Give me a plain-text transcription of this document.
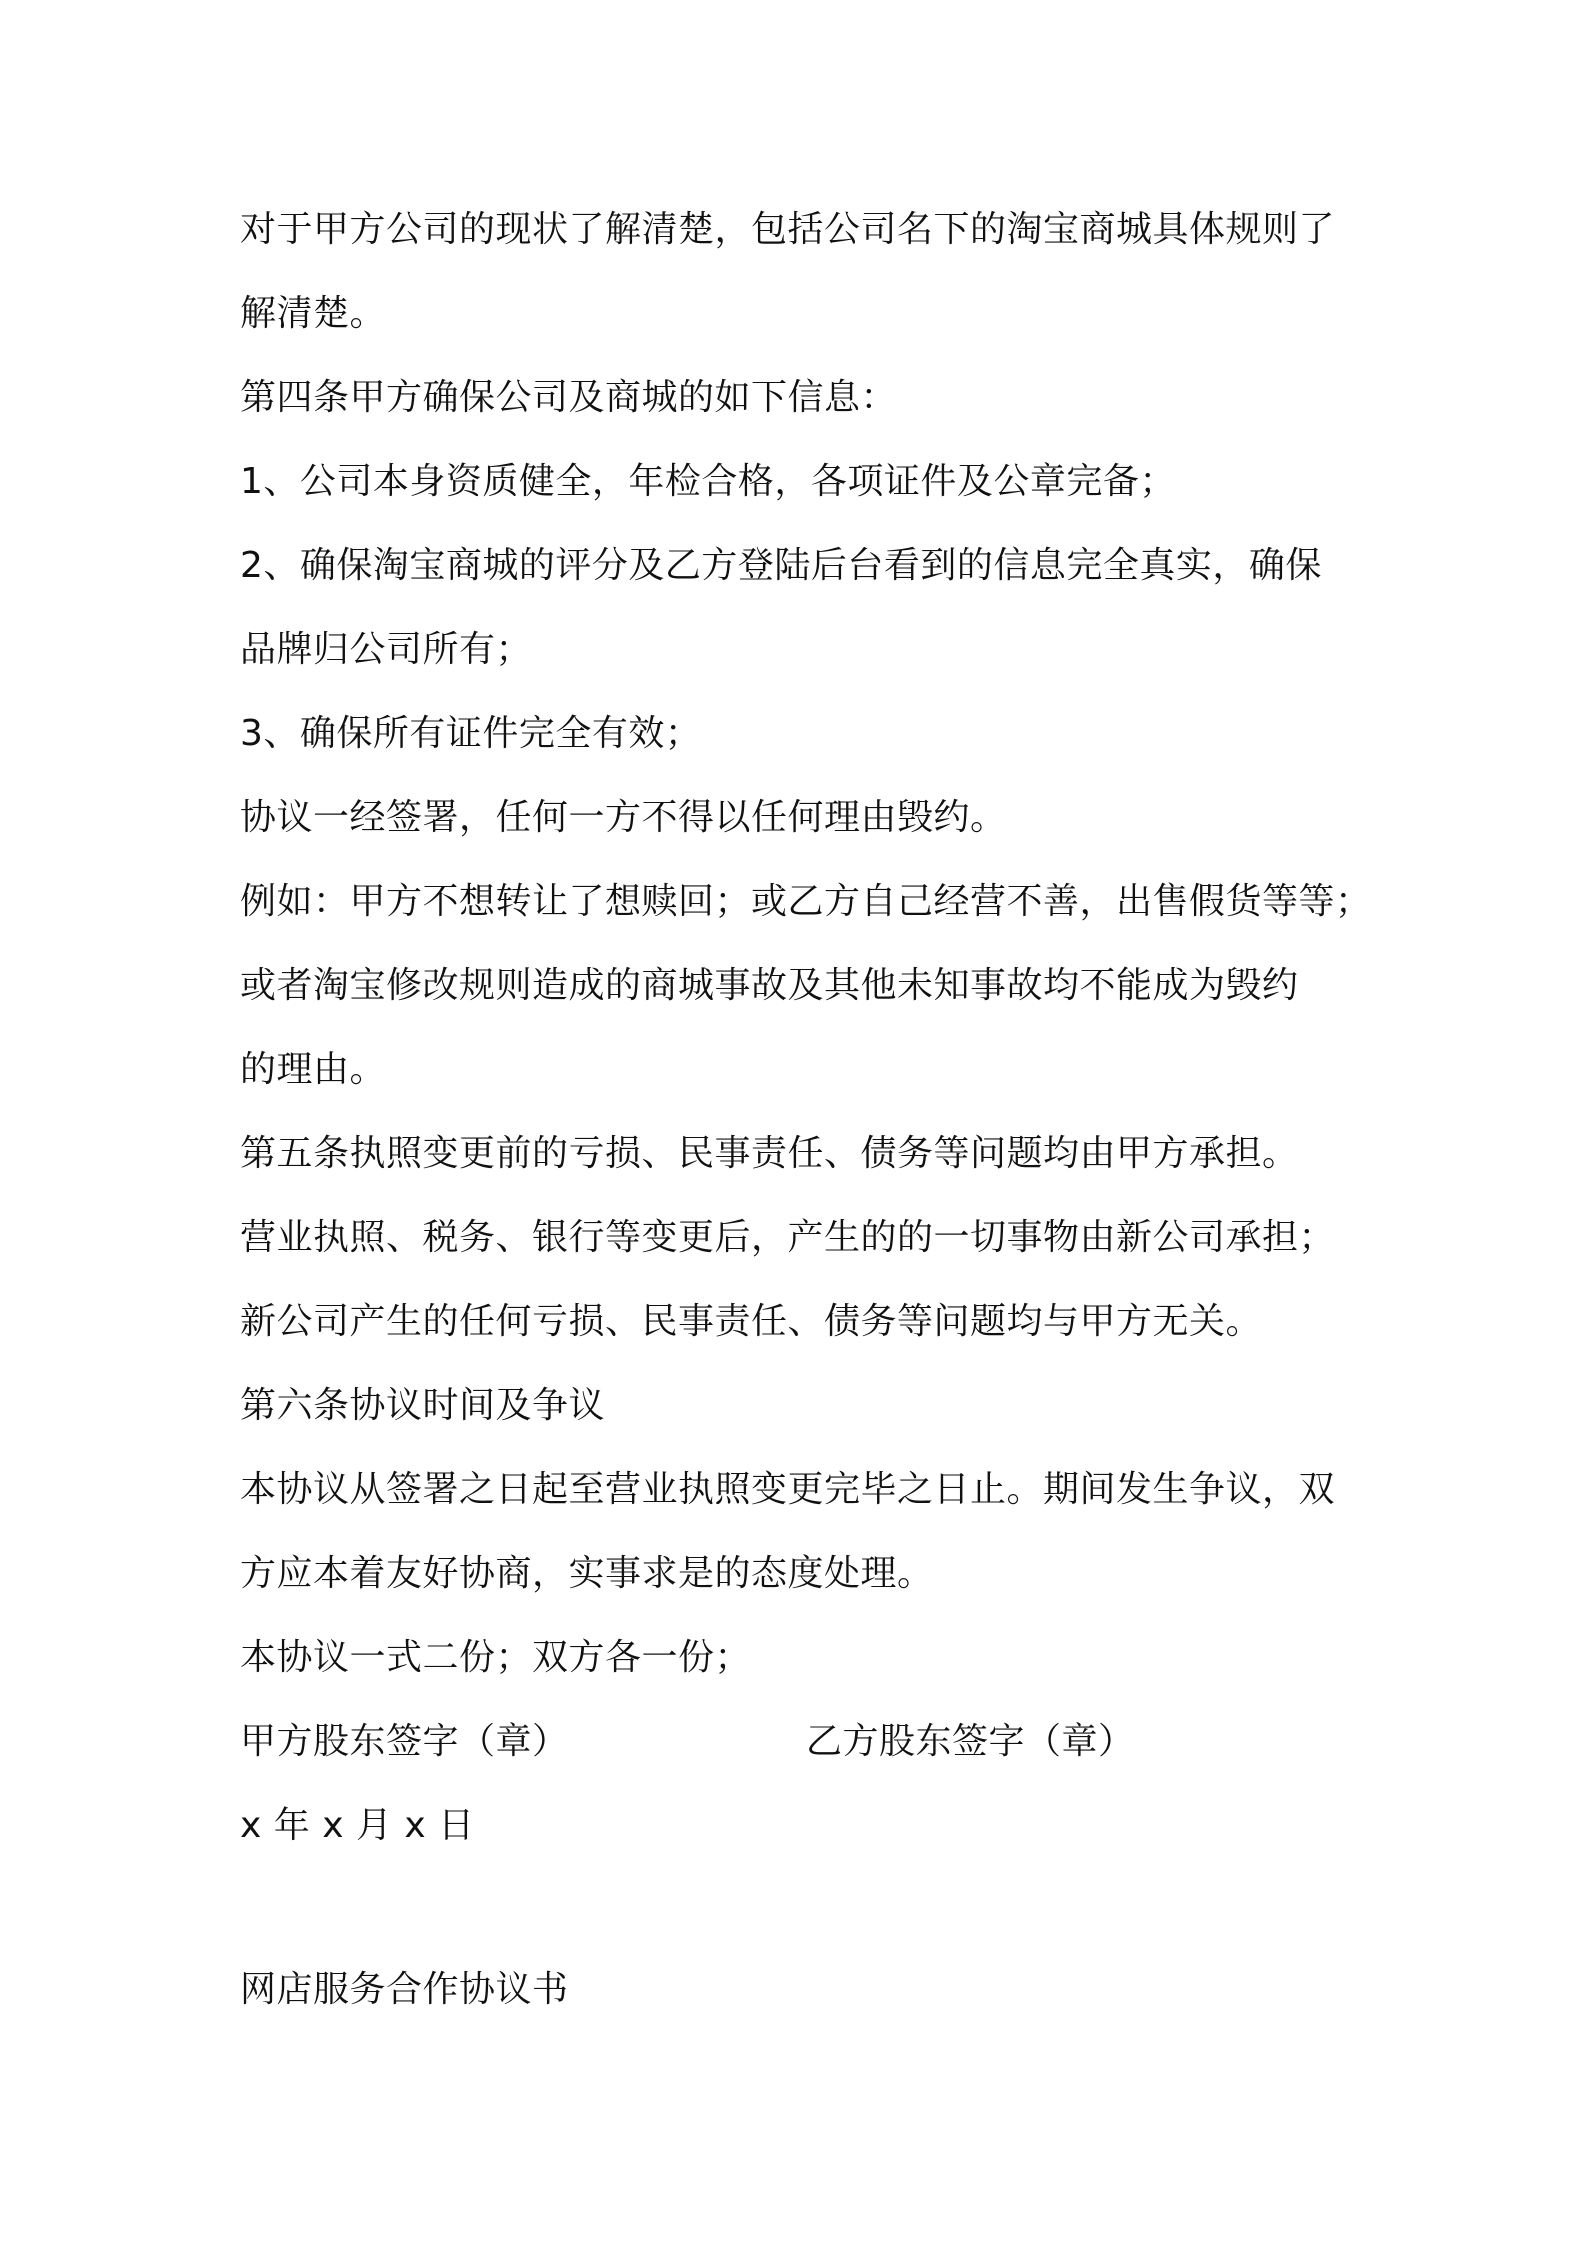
对于甲方公司的现状了解清楚，包括公司名下的淘宝商城具体规则了
解清楚。
第四条甲方确保公司及商城的如下信息：
1、公司本身资质健全，年检合格，各项证件及公章完备；
2、确保淘宝商城的评分及乙方登陆后台看到的信息完全真实，确保
品牌归公司所有；
3、确保所有证件完全有效；
协议一经签署，任何一方不得以任何理由毁约。
例如：甲方不想转让了想赎回；或乙方自己经营不善，出售假货等等；
或者淘宝修改规则造成的商城事故及其他未知事故均不能成为毁约
的理由。
第五条执照变更前的亏损、民事责任、债务等问题均由甲方承担。
营业执照、税务、银行等变更后，产生的的一切事物由新公司承担；
新公司产生的任何亏损、民事责任、债务等问题均与甲方无关。
第六条协议时间及争议
本协议从签署之日起至营业执照变更完毕之日止。期间发生争议，双
方应本着友好协商，实事求是的态度处理。
本协议一式二份；双方各一份；
甲方股东签字（章）	乙方股东签字（章）
x 年 x 月 x 日
网店服务合作协议书
